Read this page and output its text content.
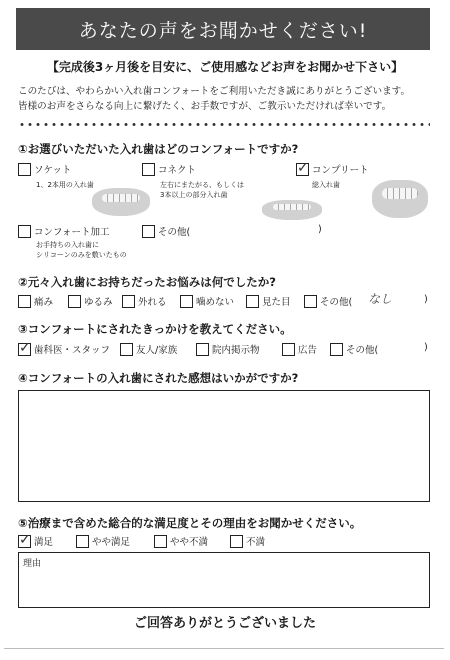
あなたの声をお聞かせください!
【完成後3ヶ月後を目安に、ご使用感などお声をお聞かせ下さい】
このたびは、やわらかい入れ歯コンフォートをご利用いただき誠にありがとうございます。
皆様のお声をさらなる向上に繋げたく、お手数ですが、ご教示いただければ幸いです。
①お選びいただいた入れ歯はどのコンフォートですか?
ソケット
1、2本用の入れ歯
コネクト
左右にまたがる、もしくは
3本以上の部分入れ歯
✓ コンプリート
総入れ歯
コンフォート加工
お手持ちの入れ歯に
シリコーンのみを敷いたもの
その他(	)
②元々入れ歯にお持ちだったお悩みは何でしたか?
痛み	ゆるみ	外れる	噛めない	見た目	その他( なし	)
③コンフォートにされたきっかけを教えてください。
✓ 歯科医・スタッフ	友人/家族	院内掲示物	広告	その他(	)
④コンフォートの入れ歯にされた感想はいかがですか?
⑤治療まで含めた総合的な満足度とその理由をお聞かせください。
✓ 満足	やや満足	やや不満	不満
理由
ご回答ありがとうございました
